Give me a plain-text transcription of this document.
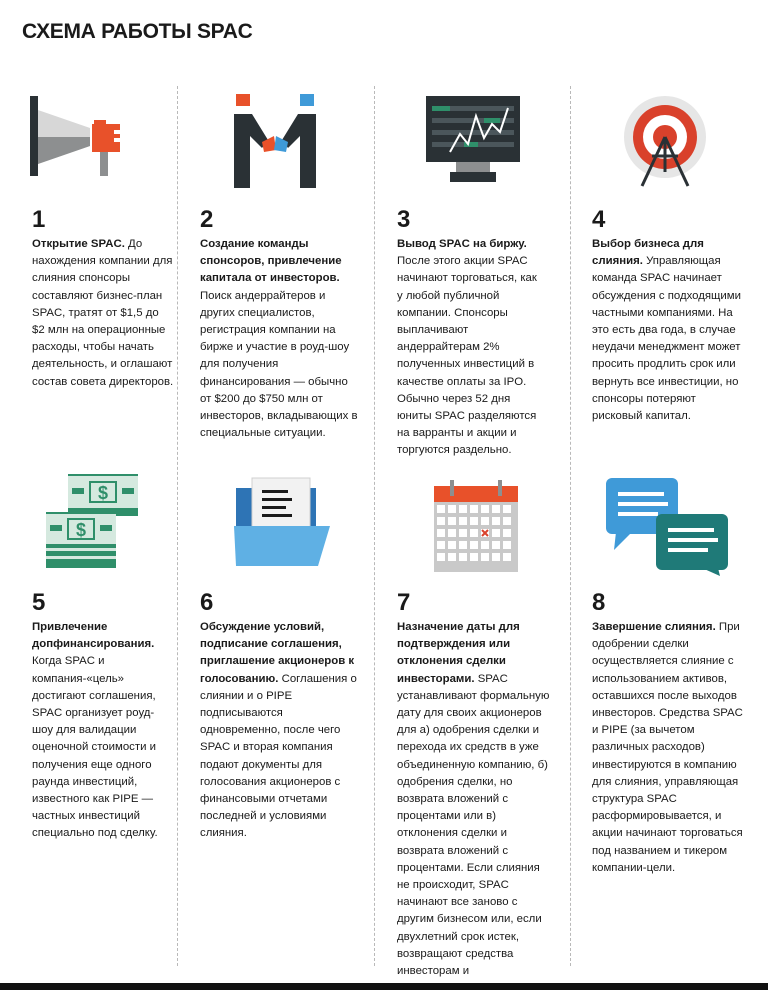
СХЕМА РАБОТЫ SPAC
$
$
1
Открытие SPAC. До нахождения компании для слияния спонсоры составляют бизнес-план SPAC, тратят от $1,5 до $2 млн на операционные расходы, чтобы начать деятельность, и оглашают состав совета директоров.
2
Создание команды спонсоров, привлечение капитала от инвесторов. Поиск андеррайтеров и других специалистов, регистрация компании на бирже и участие в роуд-шоу для получения финансирования — обычно от $200 до $750 млн от инвесторов, вкладывающих в специальные ситуации.
3
Вывод SPAC на биржу. После этого акции SPAC начинают торговаться, как у любой публичной компании. Спонсоры выплачивают андеррайтерам 2% полученных инвестиций в качестве оплаты за IPO. Обычно через 52 дня юниты SPAC разделяются на варранты и акции и торгуются раздельно.
4
Выбор бизнеса для слияния. Управляющая команда SPAC начинает обсуждения с подходящими частными компаниями. На это есть два года, в случае неудачи менеджмент может просить продлить срок или вернуть все инвестиции, но спонсоры потеряют рисковый капитал.
5
Привлечение допфинансирования. Когда SPAC и компания-«цель» достигают соглашения, SPAC организует роуд-шоу для валидации оценочной стоимости и получения еще одного раунда инвестиций, известного как PIPE — частных инвестиций специально под сделку.
6
Обсуждение условий, подписание соглашения, приглашение акционеров к голосованию. Соглашения о слиянии и о PIPE подписываются одновременно, после чего SPAC и вторая компания подают документы для голосования акционеров с финансовыми отчетами последней и условиями слияния.
7
Назначение даты для подтверждения или отклонения сделки инвесторами. SPAC устанавливают формальную дату для своих акционеров для а) одобрения сделки и перехода их средств в уже объединенную компанию, б) одобрения сделки, но возврата вложений с процентами или в) отклонения сделки и возврата вложений с процентами. Если слияния не происходит, SPAC начинают все заново с другим бизнесом или, если двухлетний срок истек, возвращают средства инвесторам и
8
Завершение слияния. При одобрении сделки осуществляется слияние с использованием активов, оставшихся после выходов инвесторов. Средства SPAC и PIPE (за вычетом различных расходов) инвестируются в компанию для слияния, управляющая структура SPAC расформировывается, и акции начинают торговаться под названием и тикером компании-цели.
